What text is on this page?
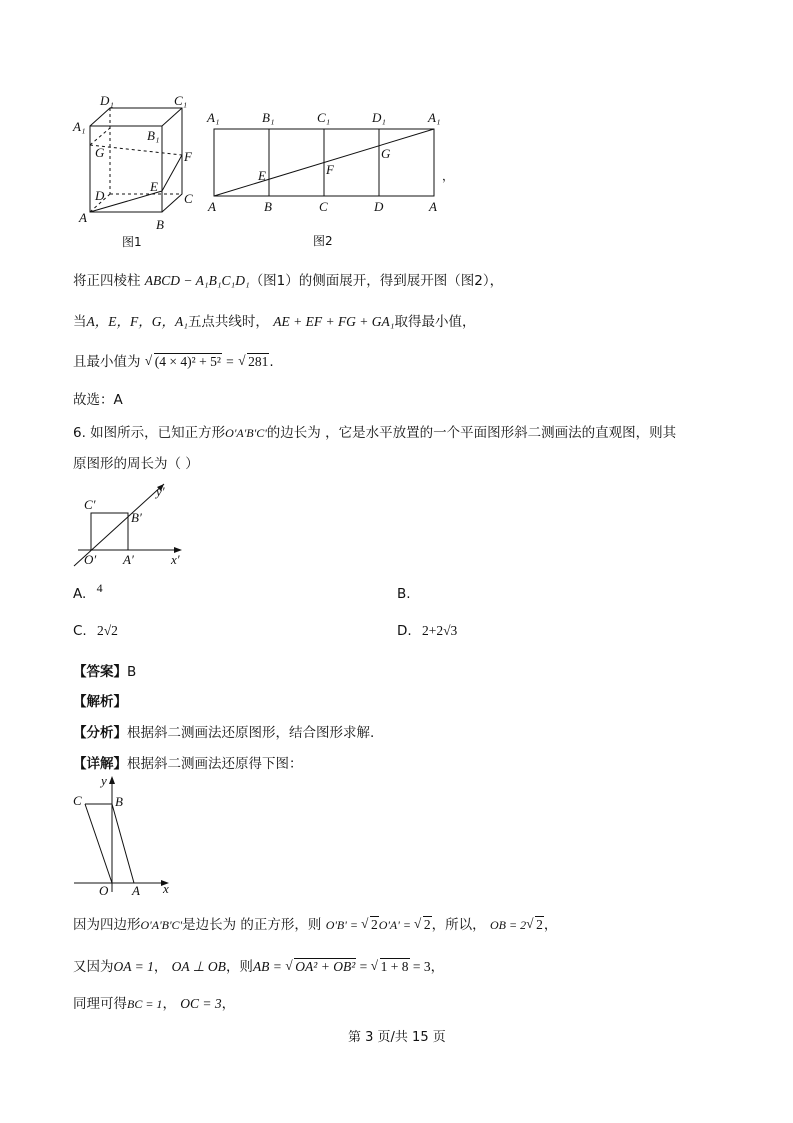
D₁	C₁
A₁
B₁
G	F
D
E
C
A	B
图1
A₁	B₁	C₁	D₁	A₁
A	B	C	D	A
E	F
G
，
图2
将正四棱柱 ABCD − A₁B₁C₁D₁（图1）的侧面展开，得到展开图（图2），
当A，E，F，G，A₁五点共线时， AE + EF + FG + GA₁取得最小值，
且最小值为 √ (4 × 4)² + 5² = √ 281.
故选：A
6. 如图所示，已知正方形O'A'B'C'的边长为 ，它是水平放置的一个平面图形斜二测画法的直观图，则其
原图形的周长为（ ）
C′
B′
y′
O′ A′	x′
A. 4	B.
C. 2√2	D. 2+2√3
【答案】B
【解析】
【分析】根据斜二测画法还原图形，结合图形求解.
【详解】根据斜二测画法还原得下图：
y
C	B
O A x
因为四边形O'A'B'C'是边长为 的正方形，则 O'B' = √ 2O'A' = √ 2，所以， OB = 2 √ 2，
又因为OA = 1， OA ⊥ OB，则AB = √ OA² + OB² = √ 1 + 8 = 3，
同理可得BC = 1， OC = 3，
第 3 页/共 15 页
